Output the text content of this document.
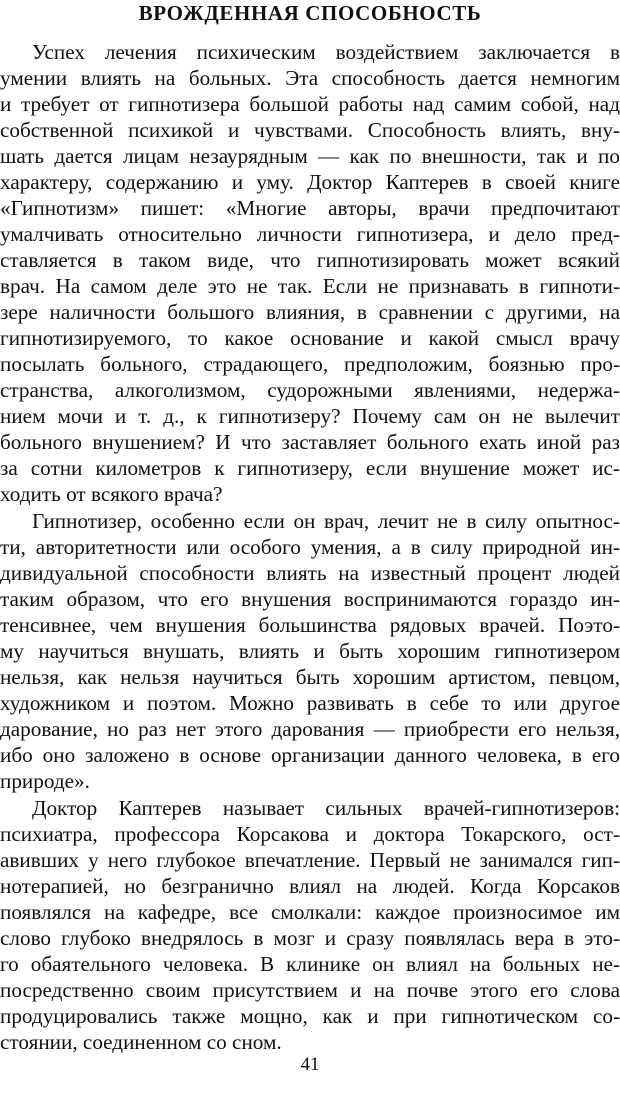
ВРОЖДЕННАЯ СПОСОБНОСТЬ
Успех лечения психическим воздействием заключается в
умении влиять на больных. Эта способность дается немногим
и требует от гипнотизера большой работы над самим собой, над
собственной психикой и чувствами. Способность влиять, вну-
шать дается лицам незаурядным — как по внешности, так и по
характеру, содержанию и уму. Доктор Каптерев в своей книге
«Гипнотизм» пишет: «Многие авторы, врачи предпочитают
умалчивать относительно личности гипнотизера, и дело пред-
ставляется в таком виде, что гипнотизировать может всякий
врач. На самом деле это не так. Если не признавать в гипноти-
зере наличности большого влияния, в сравнении с другими, на
гипнотизируемого, то какое основание и какой смысл врачу
посылать больного, страдающего, предположим, боязнью про-
странства, алкоголизмом, судорожными явлениями, недержа-
нием мочи и т. д., к гипнотизеру? Почему сам он не вылечит
больного внушением? И что заставляет больного ехать иной раз
за сотни километров к гипнотизеру, если внушение может ис-
ходить от всякого врача?
Гипнотизер, особенно если он врач, лечит не в силу опытнос-
ти, авторитетности или особого умения, а в силу природной ин-
дивидуальной способности влиять на известный процент людей
таким образом, что его внушения воспринимаются гораздо ин-
тенсивнее, чем внушения большинства рядовых врачей. Поэто-
му научиться внушать, влиять и быть хорошим гипнотизером
нельзя, как нельзя научиться быть хорошим артистом, певцом,
художником и поэтом. Можно развивать в себе то или другое
дарование, но раз нет этого дарования — приобрести его нельзя,
ибо оно заложено в основе организации данного человека, в его
природе».
Доктор Каптерев называет сильных врачей-гипнотизеров:
психиатра, профессора Корсакова и доктора Токарского, ост-
авивших у него глубокое впечатление. Первый не занимался гип-
нотерапией, но безгранично влиял на людей. Когда Корсаков
появлялся на кафедре, все смолкали: каждое произносимое им
слово глубоко внедрялось в мозг и сразу появлялась вера в это-
го обаятельного человека. В клинике он влиял на больных не-
посредственно своим присутствием и на почве этого его слова
продуцировались также мощно, как и при гипнотическом со-
стоянии, соединенном со сном.
41
